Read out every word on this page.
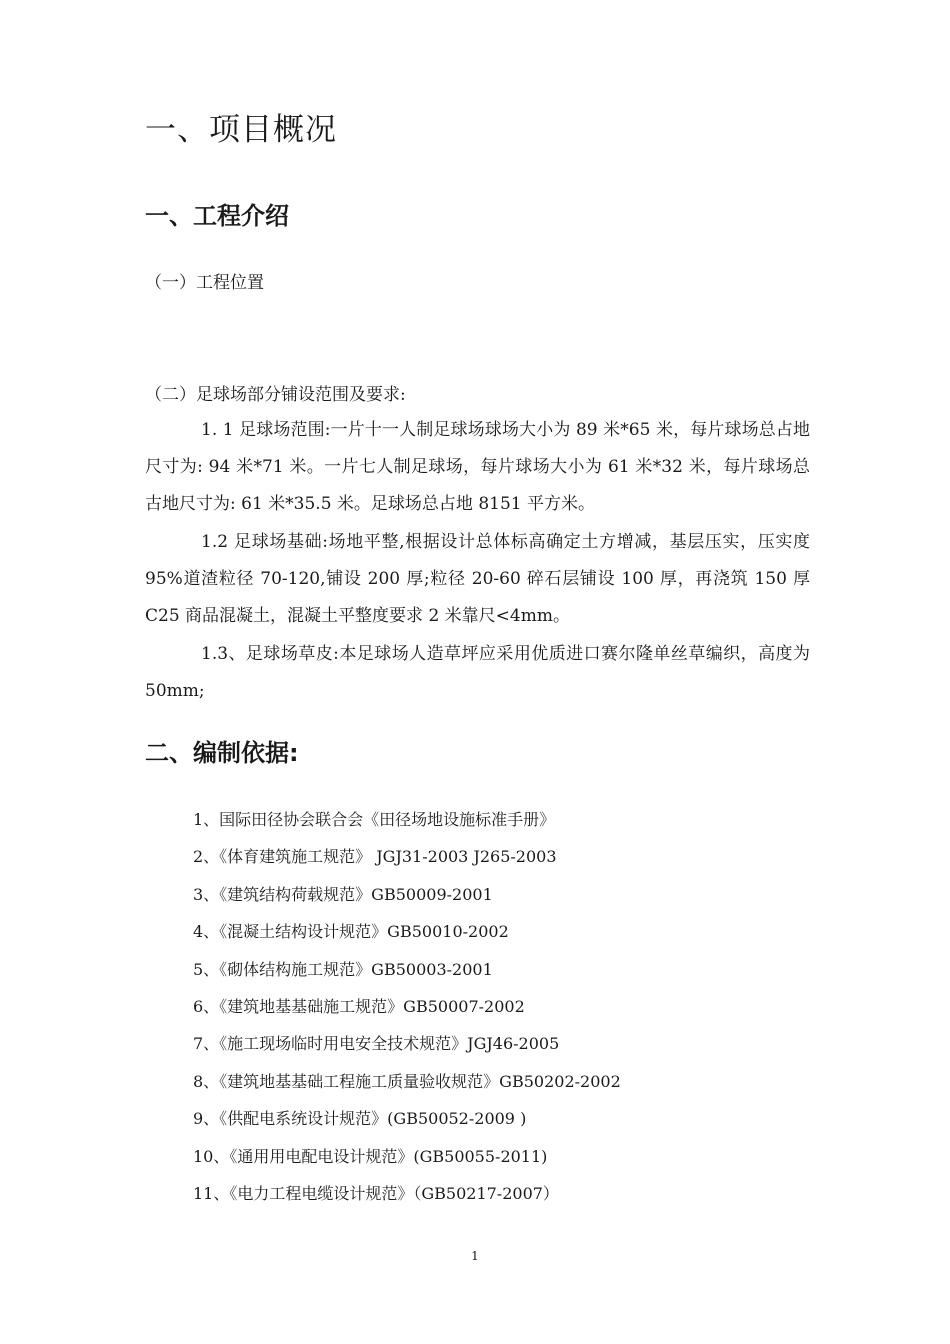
一、项目概况
一、工程介绍
（一）工程位置
（二）足球场部分铺设范围及要求:
1. 1 足球场范围:一片十一人制足球场球场大小为 89 米*65 米，每片球场总占地尺寸为: 94 米*71 米。一片七人制足球场，每片球场大小为 61 米*32 米，每片球场总古地尺寸为: 61 米*35.5 米。足球场总占地 8151 平方米。
1.2 足球场基础:场地平整,根据设计总体标高确定土方增减，基层压实，压实度 95%道渣粒径 70-120,铺设 200 厚;粒径 20-60 碎石层铺设 100 厚，再浇筑 150 厚 C25 商品混凝土，混凝土平整度要求 2 米靠尺<4mm。
1.3、足球场草皮:本足球场人造草坪应采用优质进口赛尔隆单丝草编织，高度为 50mm;
二、编制依据:
1、国际田径协会联合会《田径场地设施标准手册》
2、《体育建筑施工规范》 JGJ31-2003 J265-2003
3、《建筑结构荷载规范》GB50009-2001
4、《混凝土结构设计规范》GB50010-2002
5、《砌体结构施工规范》GB50003-2001
6、《建筑地基基础施工规范》GB50007-2002
7、《施工现场临时用电安全技术规范》JGJ46-2005
8、《建筑地基基础工程施工质量验收规范》GB50202-2002
9、《供配电系统设计规范》(GB50052-2009 )
10、《通用用电配电设计规范》(GB50055-2011)
11、《电力工程电缆设计规范》（GB50217-2007）
1
